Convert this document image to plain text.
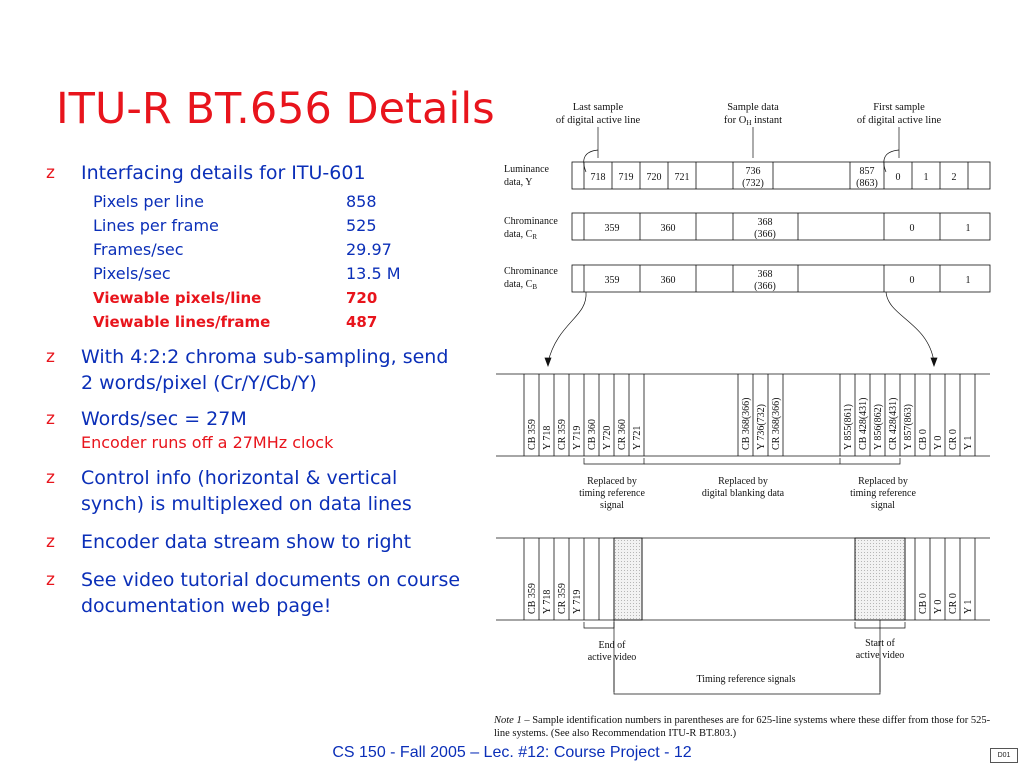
ITU-R BT.656 Details
z Interfacing details for ITU-601
Pixels per line	858
Lines per frame	525
Frames/sec	29.97
Pixels/sec	13.5 M
Viewable pixels/line	720
Viewable lines/frame	487
z With 4:2:2 chroma sub-sampling, send 2 words/pixel (Cr/Y/Cb/Y)
z Words/sec = 27M
Encoder runs off a 27MHz clock
z Control info (horizontal & vertical synch) is multiplexed on data lines
z Encoder data stream show to right
z See video tutorial documents on course documentation web page!
Last sample
of digital active line
Sample data
for OH instant
First sample
of digital active line
Luminance
data, Y
Chrominance
data, $C_R$
Chrominance
data, $C_B$
718 719 720 721
736
(732)
857
(863)
0 1 2
359	360
368
(366)
0	1
359	360
368
(366)
0	1
CB 359 Y 718 CR 359 Y 719 CB 360 Y 720 CR 360 Y 721	CB 368(366) Y 736(732) CR 368(366)	Y 855(861) CB 428(431) Y 856(862) CR 428(431) Y 857(863) CB 0 Y 0 CR 0 Y 1
Replaced by
timing reference
signal
Replaced by
digital blanking data
Replaced by
timing reference
signal
CB 359 Y 718 CR 359 Y 719	CB 0 Y 0 CR 0 Y 1
End of
active video
Start of
active video
Timing reference signals
Note 1 – Sample identification numbers in parentheses are for 625-line systems where these differ from those for 525-line systems. (See also Recommendation ITU-R BT.803.)
CS 150 - Fall 2005 – Lec. #12: Course Project - 12	D01
